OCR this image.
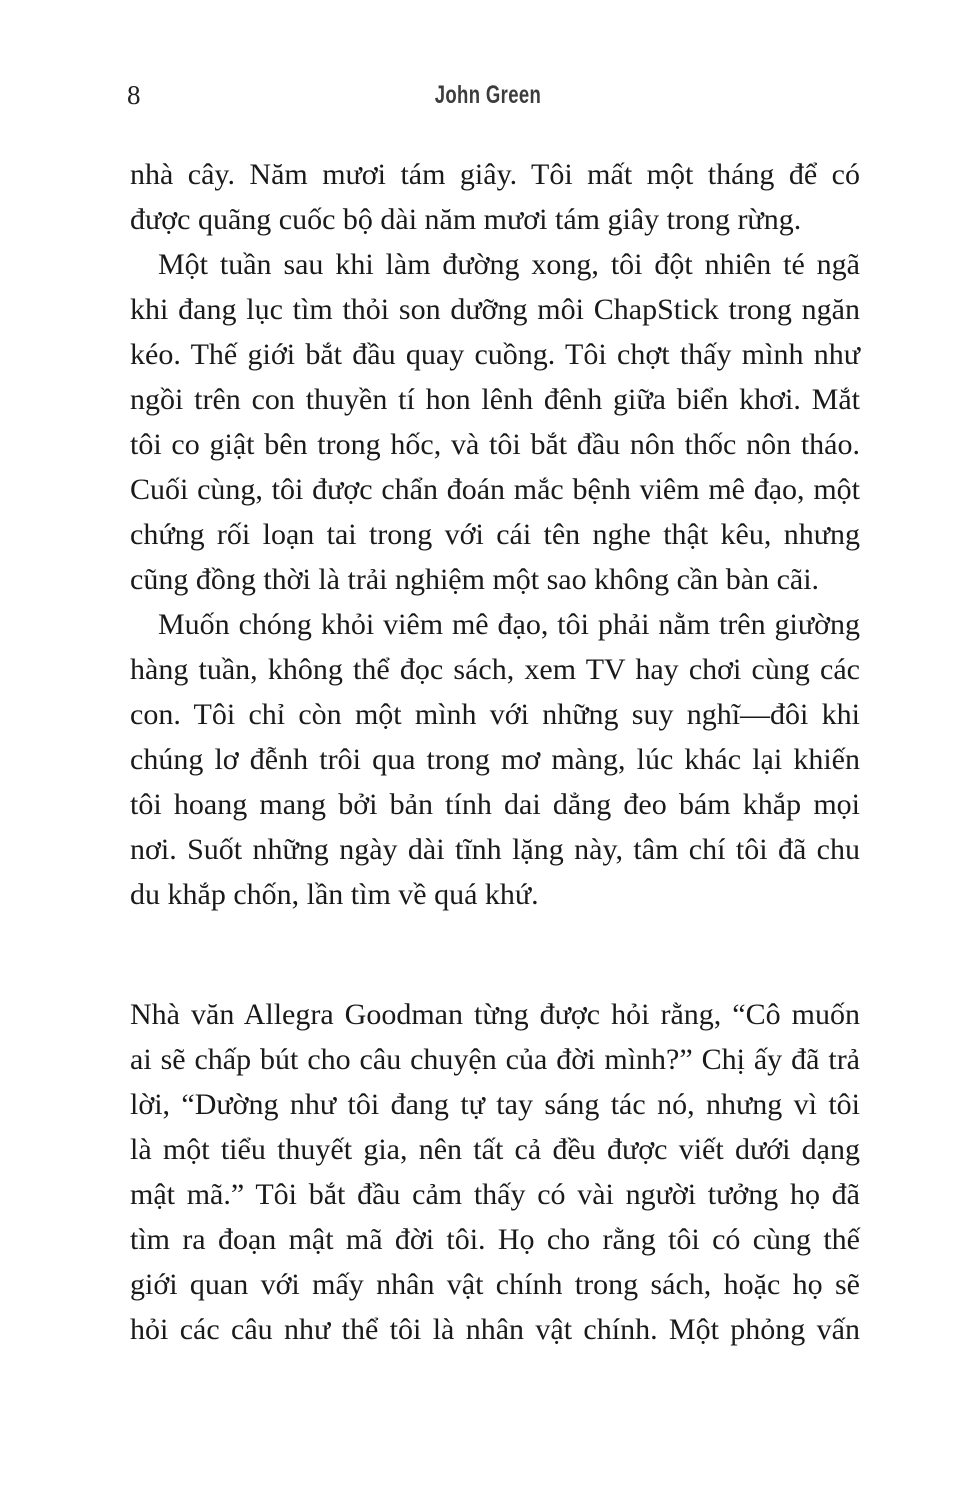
8	John Green
nhà cây. Năm mươi tám giây. Tôi mất một tháng để có
được quãng cuốc bộ dài năm mươi tám giây trong rừng.
Một tuần sau khi làm đường xong, tôi đột nhiên té ngã
khi đang lục tìm thỏi son dưỡng môi ChapStick trong ngăn
kéo. Thế giới bắt đầu quay cuồng. Tôi chợt thấy mình như
ngồi trên con thuyền tí hon lênh đênh giữa biển khơi. Mắt
tôi co giật bên trong hốc, và tôi bắt đầu nôn thốc nôn tháo.
Cuối cùng, tôi được chẩn đoán mắc bệnh viêm mê đạo, một
chứng rối loạn tai trong với cái tên nghe thật kêu, nhưng
cũng đồng thời là trải nghiệm một sao không cần bàn cãi.
Muốn chóng khỏi viêm mê đạo, tôi phải nằm trên giường
hàng tuần, không thể đọc sách, xem TV hay chơi cùng các
con. Tôi chỉ còn một mình với những suy nghĩ—đôi khi
chúng lơ đễnh trôi qua trong mơ màng, lúc khác lại khiến
tôi hoang mang bởi bản tính dai dẳng đeo bám khắp mọi
nơi. Suốt những ngày dài tĩnh lặng này, tâm chí tôi đã chu
du khắp chốn, lần tìm về quá khứ.
Nhà văn Allegra Goodman từng được hỏi rằng, “Cô muốn
ai sẽ chấp bút cho câu chuyện của đời mình?” Chị ấy đã trả
lời, “Dường như tôi đang tự tay sáng tác nó, nhưng vì tôi
là một tiểu thuyết gia, nên tất cả đều được viết dưới dạng
mật mã.” Tôi bắt đầu cảm thấy có vài người tưởng họ đã
tìm ra đoạn mật mã đời tôi. Họ cho rằng tôi có cùng thế
giới quan với mấy nhân vật chính trong sách, hoặc họ sẽ
hỏi các câu như thể tôi là nhân vật chính. Một phỏng vấn
